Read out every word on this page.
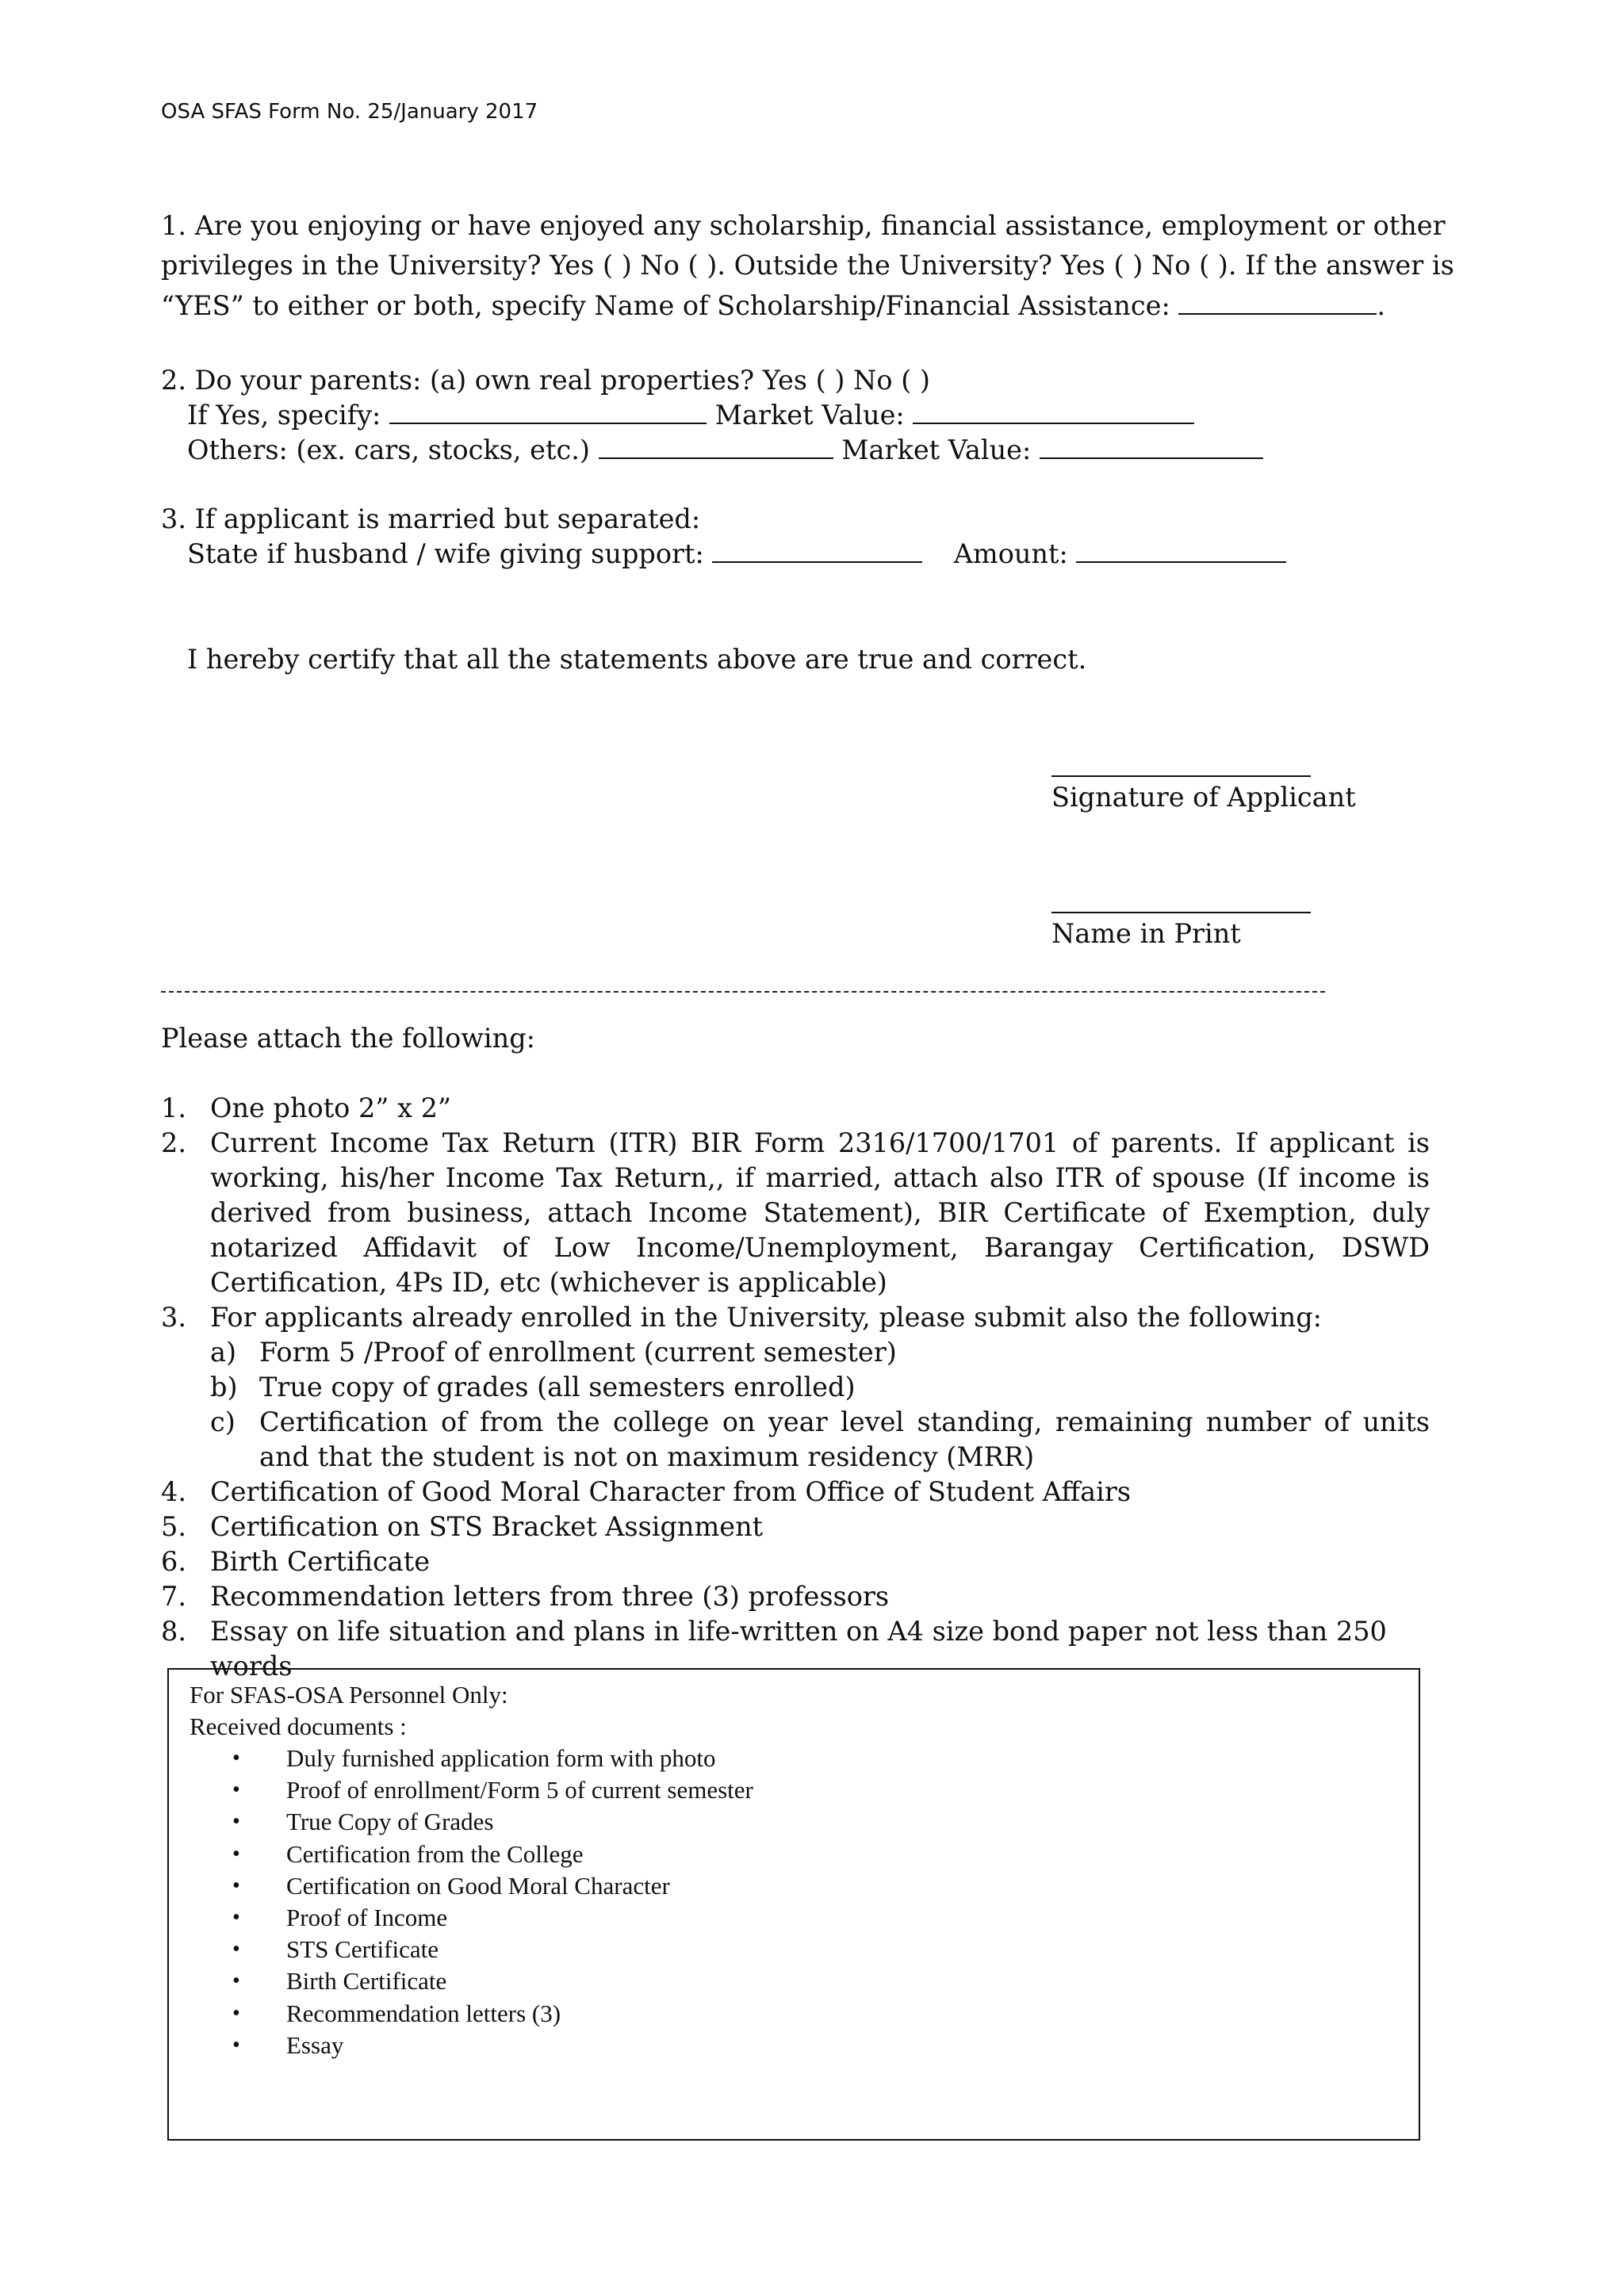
OSA SFAS Form No. 25/January 2017
1. Are you enjoying or have enjoyed any scholarship, financial assistance, employment or other
privileges in the University? Yes ( ) No ( ). Outside the University? Yes ( ) No ( ). If the answer is
“YES” to either or both, specify Name of Scholarship/Financial Assistance:	.
2. Do your parents: (a) own real properties? Yes ( ) No ( )
If Yes, specify:	Market Value:
Others: (ex. cars, stocks, etc.)	Market Value:
3. If applicant is married but separated:
State if husband / wife giving support:	Amount:
I hereby certify that all the statements above are true and correct.
Signature of Applicant
Name in Print
Please attach the following:
1. One photo 2” x 2”
2. Current Income Tax Return (ITR) BIR Form 2316/1700/1701 of parents. If applicant is working, his/her Income Tax Return,, if married, attach also ITR of spouse (If income is derived from business, attach Income Statement), BIR Certificate of Exemption, duly notarized Affidavit of Low Income/Unemployment, Barangay Certification, DSWD Certification, 4Ps ID, etc (whichever is applicable)
3. For applicants already enrolled in the University, please submit also the following:
a) Form 5 /Proof of enrollment (current semester)
b) True copy of grades (all semesters enrolled)
c) Certification of from the college on year level standing, remaining number of units and that the student is not on maximum residency (MRR)
4. Certification of Good Moral Character from Office of Student Affairs
5. Certification on STS Bracket Assignment
6. Birth Certificate
7. Recommendation letters from three (3) professors
8. Essay on life situation and plans in life-written on A4 size bond paper not less than 250 words
For SFAS-OSA Personnel Only:
Received documents :
• Duly furnished application form with photo
• Proof of enrollment/Form 5 of current semester
• True Copy of Grades
• Certification from the College
• Certification on Good Moral Character
• Proof of Income
• STS Certificate
• Birth Certificate
• Recommendation letters (3)
• Essay
